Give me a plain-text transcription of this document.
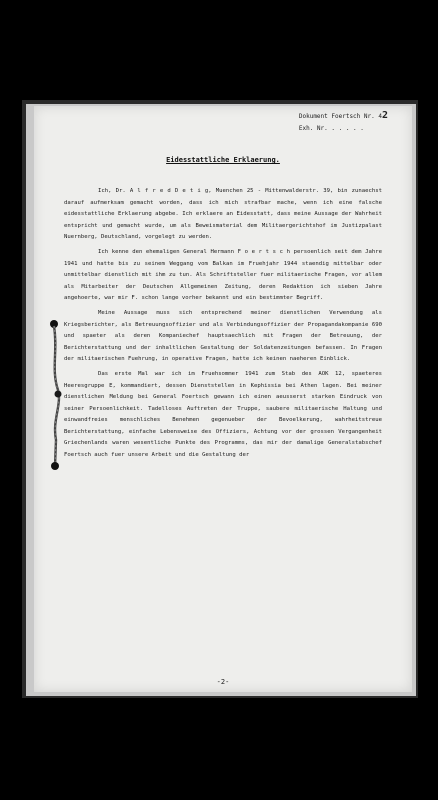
Dokument Foertsch Nr. 42
Exh. Nr. . . . . .
Eidesstattliche Erklaerung.

Ich, Dr. A l f r e d D e t i g, Muenchen 25 - Mittenwalderstr. 39, bin zunaechst darauf aufmerksam gemacht worden, dass ich mich strafbar mache, wenn ich eine falsche eidesstattliche Erklaerung abgebe. Ich erklaere an Eidesstatt, dass meine Aussage der Wahrheit entspricht und gemacht wurde, um als Beweismaterial dem Militaergerichtshof im Justizpalast Nuernberg, Deutschland, vorgelegt zu werden.

Ich kenne den ehemaligen General Hermann F o e r t s c h persoenlich seit dem Jahre 1941 und hatte bis zu seinem Weggang vom Balkan im Fruehjahr 1944 staendig mittelbar oder unmittelbar dienstlich mit ihm zu tun. Als Schriftsteller fuer militaerische Fragen, vor allem als Mitarbeiter der Deutschen Allgemeinen Zeitung, deren Redaktion ich sieben Jahre angehoerte, war mir F. schon lange vorher bekannt und ein bestimmter Begriff.

Meine Aussage muss sich entsprechend meiner dienstlichen Verwendung als Kriegsberichter, als Betreuungsoffizier und als Verbindungsoffizier der Propagandakompanie 690 und spaeter als deren Kompaniechef hauptsaechlich mit Fragen der Betreuung, der Berichterstattung und der inhaltlichen Gestaltung der Soldatenzeitungen befassen. In Fragen der militaerischen Fuehrung, in operative Fragen, hatte ich keinen naeheren Einblick.

Das erste Mal war ich im Fruehsommer 1941 zum Stab des AOK 12, spaeteres Heeresgruppe E, kommandiert, dessen Dienststellen in Kephissia bei Athen lagen. Bei meiner dienstlichen Meldung bei General Foertsch gewann ich einen aeusserst starken Eindruck von seiner Persoenlichkeit. Tadelloses Auftreten der Truppe, saubere militaerische Haltung und einwandfreies menschliches Benehmen gegenueber der Bevoelkerung, wahrheitstreue Berichterstattung, einfache Lebensweise des Offiziers, Achtung vor der grossen Vergangenheit Griechenlands waren wesentliche Punkte des Programms, das mir der damalige Generalstabschef Foertsch auch fuer unsere Arbeit und die Gestaltung der

-2-
